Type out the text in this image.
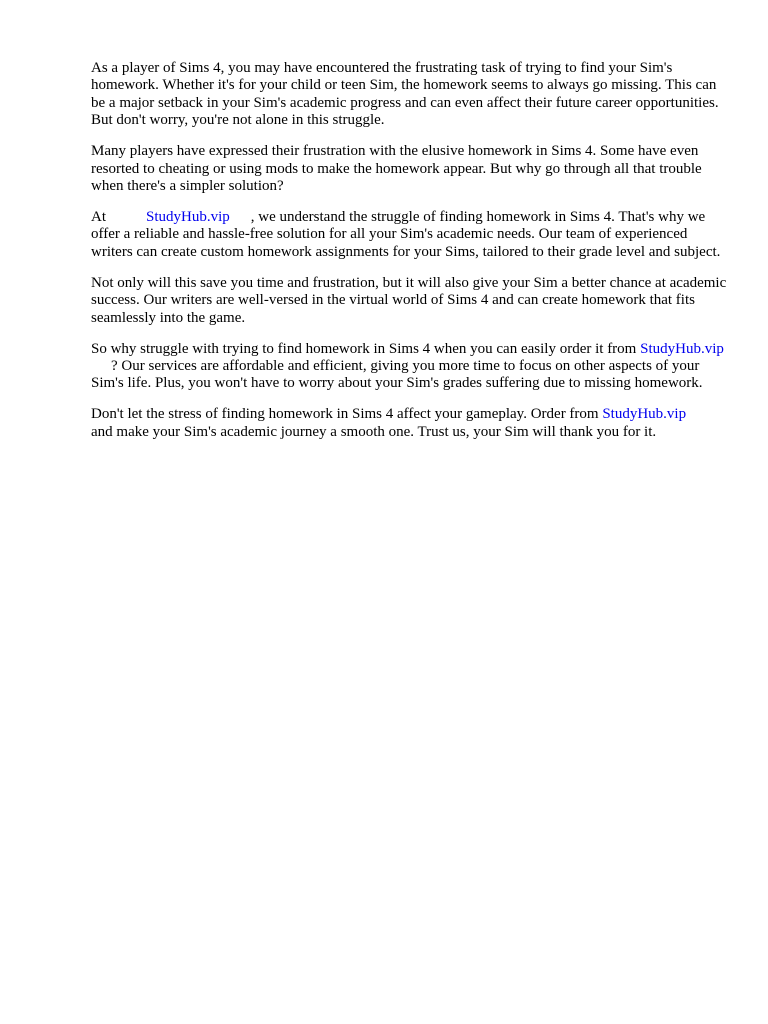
As a player of Sims 4, you may have encountered the frustrating task of trying to find your Sim's homework. Whether it's for your child or teen Sim, the homework seems to always go missing. This can be a major setback in your Sim's academic progress and can even affect their future career opportunities. But don't worry, you're not alone in this struggle.

Many players have expressed their frustration with the elusive homework in Sims 4. Some have even resorted to cheating or using mods to make the homework appear. But why go through all that trouble when there's a simpler solution?

At	StudyHub.vip , we understand the struggle of finding homework in Sims 4. That's why we offer a reliable and hassle-free solution for all your Sim's academic needs. Our team of experienced writers can create custom homework assignments for your Sims, tailored to their grade level and subject.

Not only will this save you time and frustration, but it will also give your Sim a better chance at academic success. Our writers are well-versed in the virtual world of Sims 4 and can create homework that fits seamlessly into the game.

So why struggle with trying to find homework in Sims 4 when you can easily order it from StudyHub.vip? Our services are affordable and efficient, giving you more time to focus on other aspects of your Sim's life. Plus, you won't have to worry about your Sim's grades suffering due to missing homework.

Don't let the stress of finding homework in Sims 4 affect your gameplay. Order from StudyHub.vipand make your Sim's academic journey a smooth one. Trust us, your Sim will thank you for it.
